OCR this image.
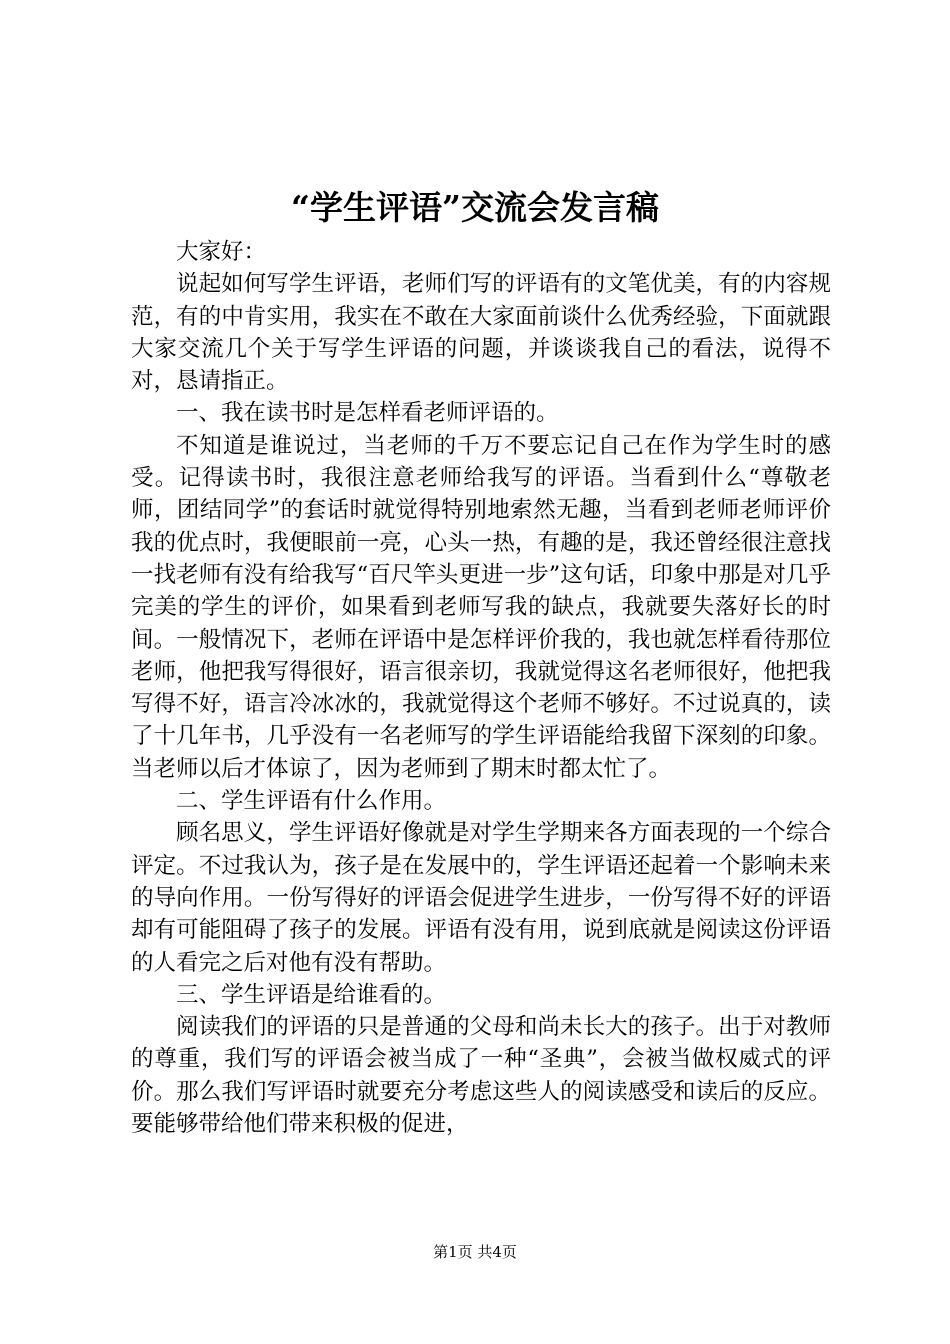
“学生评语”交流会发言稿

大家好：

说起如何写学生评语，老师们写的评语有的文笔优美，有的内容规范，有的中肯实用，我实在不敢在大家面前谈什么优秀经验，下面就跟大家交流几个关于写学生评语的问题，并谈谈我自己的看法，说得不对，恳请指正。

一、我在读书时是怎样看老师评语的。

不知道是谁说过，当老师的千万不要忘记自己在作为学生时的感受。记得读书时，我很注意老师给我写的评语。当看到什么“尊敬老师，团结同学”的套话时就觉得特别地索然无趣，当看到老师老师评价我的优点时，我便眼前一亮，心头一热，有趣的是，我还曾经很注意找一找老师有没有给我写“百尺竿头更进一步”这句话，印象中那是对几乎完美的学生的评价，如果看到老师写我的缺点，我就要失落好长的时间。一般情况下，老师在评语中是怎样评价我的，我也就怎样看待那位老师，他把我写得很好，语言很亲切，我就觉得这名老师很好，他把我写得不好，语言冷冰冰的，我就觉得这个老师不够好。不过说真的，读了十几年书，几乎没有一名老师写的学生评语能给我留下深刻的印象。当老师以后才体谅了，因为老师到了期末时都太忙了。

二、学生评语有什么作用。

顾名思义，学生评语好像就是对学生学期来各方面表现的一个综合评定。不过我认为，孩子是在发展中的，学生评语还起着一个影响未来的导向作用。一份写得好的评语会促进学生进步，一份写得不好的评语却有可能阻碍了孩子的发展。评语有没有用，说到底就是阅读这份评语的人看完之后对他有没有帮助。

三、学生评语是给谁看的。

阅读我们的评语的只是普通的父母和尚未长大的孩子。出于对教师的尊重，我们写的评语会被当成了一种“圣典”，会被当做权威式的评价。那么我们写评语时就要充分考虑这些人的阅读感受和读后的反应。要能够带给他们带来积极的促进，

第1页 共4页
